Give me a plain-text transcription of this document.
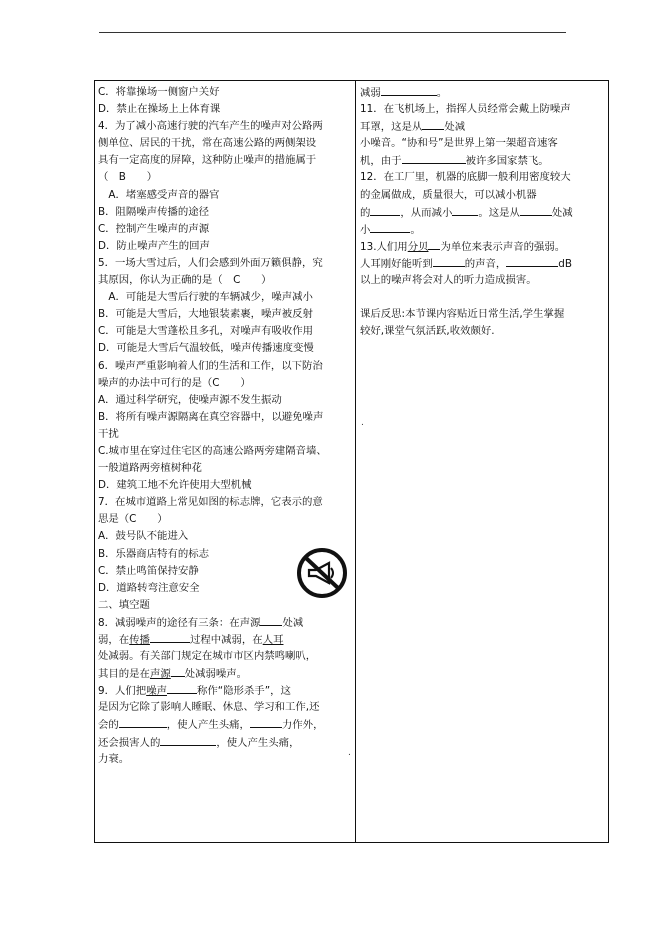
C．将靠操场一侧窗户关好
D．禁止在操场上上体育课
4．为了减小高速行驶的汽车产生的噪声对公路两
侧单位、居民的干扰，常在高速公路的两侧架设
具有一定高度的屏障，这种防止噪声的措施属于
（　B　　）
　A．堵塞感受声音的器官
B．阻隔噪声传播的途径
C．控制产生噪声的声源
D．防止噪声产生的回声
5．一场大雪过后，人们会感到外面万籁俱静，究
其原因，你认为正确的是（　C　　）
　A．可能是大雪后行驶的车辆减少，噪声减小
B．可能是大雪后，大地银装素裹，噪声被反射
C．可能是大雪蓬松且多孔，对噪声有吸收作用
D．可能是大雪后气温较低，噪声传播速度变慢
6．噪声严重影响着人们的生活和工作，以下防治
噪声的办法中可行的是（C　　）
A．通过科学研究，使噪声源不发生振动
B．将所有噪声源隔离在真空容器中，以避免噪声
干扰
C.城市里在穿过住宅区的高速公路两旁建隔音墙、
一般道路两旁植树种花
D．建筑工地不允许使用大型机械
7．在城市道路上常见如图的标志牌，它表示的意
思是（C　　）
A．鼓号队不能进入
B．乐器商店特有的标志
C．禁止鸣笛保持安静
D．道路转弯注意安全
二、填空题
8．减弱噪声的途径有三条：在声源 处减
弱，在传播	过程中减弱，在人耳
处减弱。有关部门规定在城市市区内禁鸣喇叭，
其目的是在声源 处减弱噪声。
9．人们把噪声	称作“隐形杀手”，这
是因为它除了影响人睡眠、休息、学习和工作,还
会的	，使人产生头痛，	力作外，
还会损害人的	，使人产生头痛，
力衰。
减弱	。
11．在飞机场上，指挥人员经常会戴上防噪声
耳罩，这是从 处减
小噪音。“协和号”是世界上第一架超音速客
机，由于	被许多国家禁飞。
12．在工厂里，机器的底脚一般利用密度较大
的金属做成，质量很大，可以减小机器
的	，从而减小	。这是从	处减
小	。
13.人们用分贝 为单位来表示声音的强弱。
人耳刚好能听到	的声音，	dB
以上的噪声将会对人的听力造成损害。
课后反思:本节课内容贴近日常生活,学生掌握
较好,课堂气氛活跃,收效颇好.
.
.
